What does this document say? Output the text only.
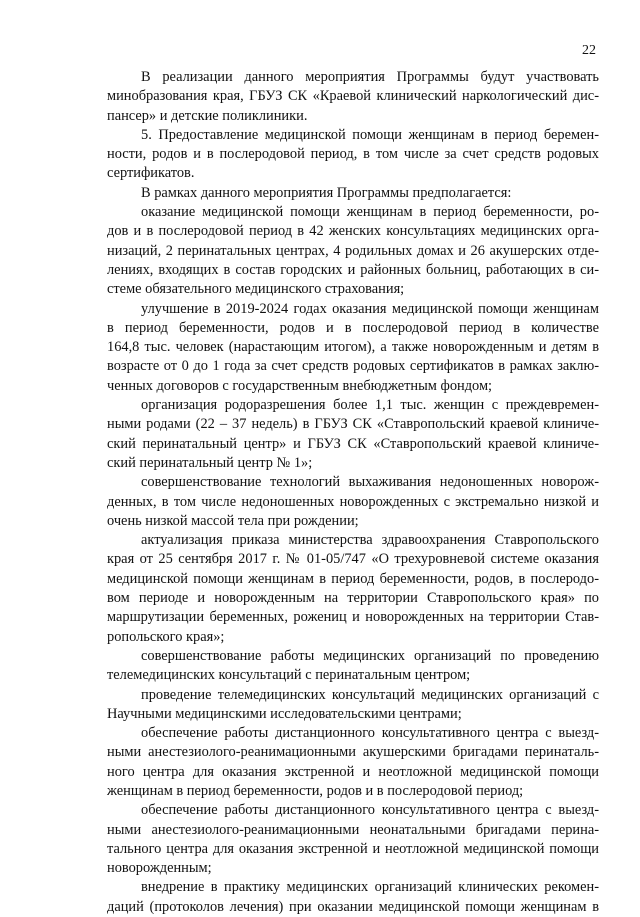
22
В реализации данного мероприятия Программы будут участвовать
минобразования края, ГБУЗ СК «Краевой клинический наркологический дис-
пансер» и детские поликлиники.
5. Предоставление медицинской помощи женщинам в период беремен-
ности, родов и в послеродовой период, в том числе за счет средств родовых
сертификатов.
В рамках данного мероприятия Программы предполагается:
оказание медицинской помощи женщинам в период беременности, ро-
дов и в послеродовой период в 42 женских консультациях медицинских орга-
низаций, 2 перинатальных центрах, 4 родильных домах и 26 акушерских отде-
лениях, входящих в состав городских и районных больниц, работающих в си-
стеме обязательного медицинского страхования;
улучшение в 2019-2024 годах оказания медицинской помощи женщинам
в период беременности, родов и в послеродовой период в количестве
164,8 тыс. человек (нарастающим итогом), а также новорожденным и детям в
возрасте от 0 до 1 года за счет средств родовых сертификатов в рамках заклю-
ченных договоров с государственным внебюджетным фондом;
организация родоразрешения более 1,1 тыс. женщин с преждевремен-
ными родами (22 – 37 недель) в ГБУЗ СК «Ставропольский краевой клиниче-
ский перинатальный центр» и ГБУЗ СК «Ставропольский краевой клиниче-
ский перинатальный центр № 1»;
совершенствование технологий выхаживания недоношенных новорож-
денных, в том числе недоношенных новорожденных с экстремально низкой и
очень низкой массой тела при рождении;
актуализация приказа министерства здравоохранения Ставропольского
края от 25 сентября 2017 г. № 01-05/747 «О трехуровневой системе оказания
медицинской помощи женщинам в период беременности, родов, в послеродо-
вом периоде и новорожденным на территории Ставропольского края» по
маршрутизации беременных, рожениц и новорожденных на территории Став-
ропольского края»;
совершенствование работы медицинских организаций по проведению
телемедицинских консультаций с перинатальным центром;
проведение телемедицинских консультаций медицинских организаций с
Научными медицинскими исследовательскими центрами;
обеспечение работы дистанционного консультативного центра с выезд-
ными анестезиолого-реанимационными акушерскими бригадами перинаталь-
ного центра для оказания экстренной и неотложной медицинской помощи
женщинам в период беременности, родов и в послеродовой период;
обеспечение работы дистанционного консультативного центра с выезд-
ными анестезиолого-реанимационными неонатальными бригадами перина-
тального центра для оказания экстренной и неотложной медицинской помощи
новорожденным;
внедрение в практику медицинских организаций клинических рекомен-
даций (протоколов лечения) при оказании медицинской помощи женщинам в
